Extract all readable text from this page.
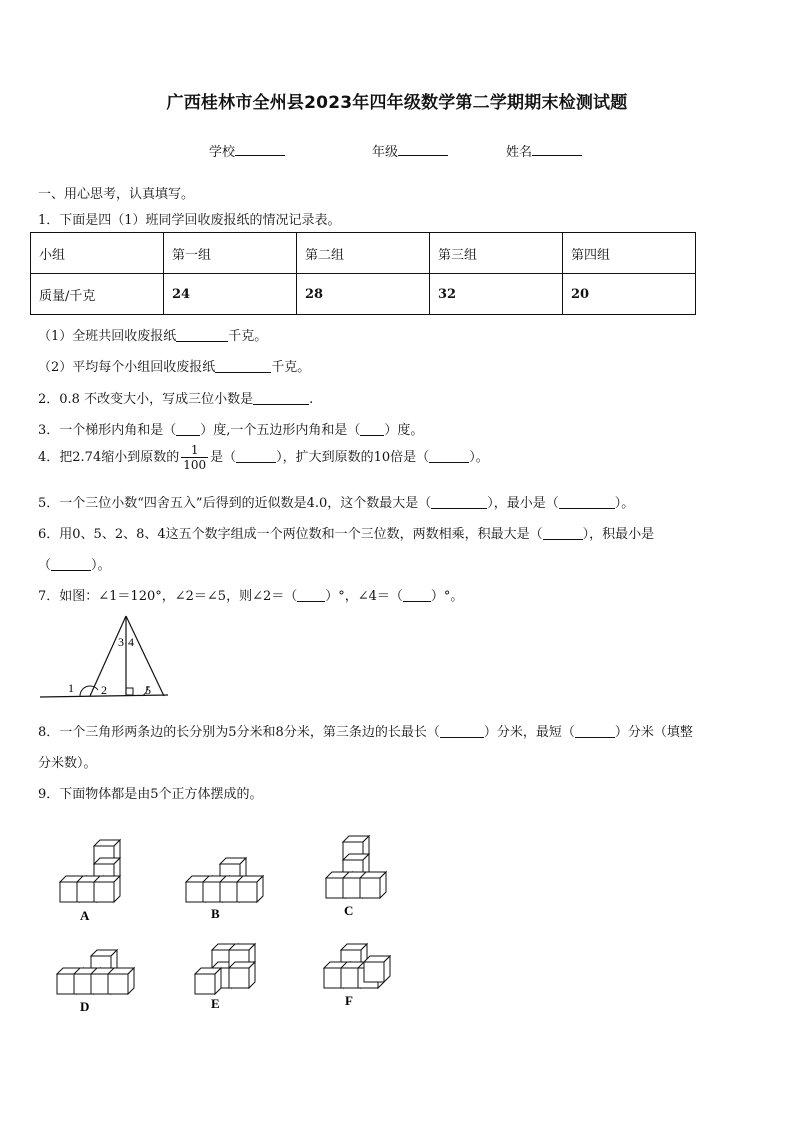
广西桂林市全州县2023年四年级数学第二学期期末检测试题
学校	年级	姓名
一、用心思考，认真填写。
1．下面是四（1）班同学回收废报纸的情况记录表。
小组	第一组	第二组	第三组	第四组
质量/千克	24	28	32	20
（1）全班共回收废报纸	千克。
（2）平均每个小组回收废报纸	千克。
2．0.8 不改变大小，写成三位小数是	.
3．一个梯形内角和是（ ）度,一个五边形内角和是（ ）度。
4．把2.74缩小到原数的 $\frac{1}{100}$ 是（	），扩大到原数的10倍是（	）。
5．一个三位小数“四舍五入”后得到的近似数是4.0，这个数最大是（	），最小是（	）。
6．用0、5、2、8、4这五个数字组成一个两位数和一个三位数，两数相乘，积最大是（	），积最小是
（	）。
7．如图：∠1＝120°，∠2＝∠5，则∠2＝（ ）°，∠4＝（ ）°。
1 2
3 4
5
8．一个三角形两条边的长分别为5分米和8分米，第三条边的长最长（	）分米，最短（	）分米（填整
分米数）。
9．下面物体都是由5个正方体摆成的。
A	B	C
D	E	F
